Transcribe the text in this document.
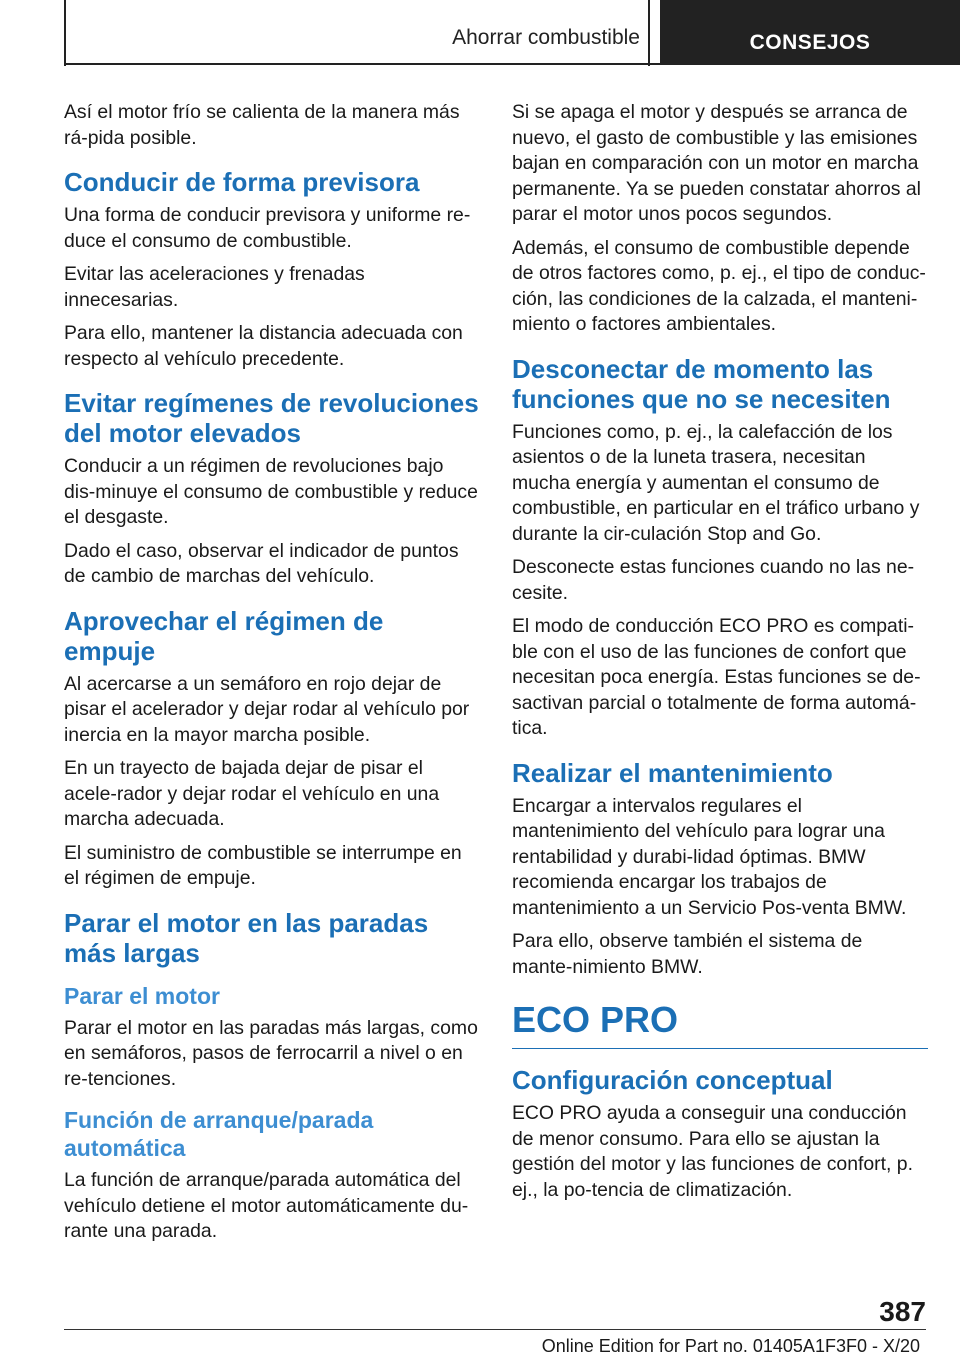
Ahorrar combustible	CONSEJOS

Así el motor frío se calienta de la manera más rá-pida posible.

Conducir de forma previsora

Una forma de conducir previsora y uniforme re-duce el consumo de combustible.

Evitar las aceleraciones y frenadas innecesarias.

Para ello, mantener la distancia adecuada con respecto al vehículo precedente.

Evitar regímenes de revoluciones del motor elevados

Conducir a un régimen de revoluciones bajo dis-minuye el consumo de combustible y reduce el desgaste.

Dado el caso, observar el indicador de puntos de cambio de marchas del vehículo.

Aprovechar el régimen de empuje

Al acercarse a un semáforo en rojo dejar de pisar el acelerador y dejar rodar al vehículo por inercia en la mayor marcha posible.

En un trayecto de bajada dejar de pisar el acele-rador y dejar rodar el vehículo en una marcha adecuada.

El suministro de combustible se interrumpe en el régimen de empuje.

Parar el motor en las paradas más largas
Parar el motor

Parar el motor en las paradas más largas, como en semáforos, pasos de ferrocarril a nivel o en re-tenciones.

Función de arranque/parada automática

La función de arranque/parada automática del vehículo detiene el motor automáticamente du-rante una parada.

Si se apaga el motor y después se arranca de nuevo, el gasto de combustible y las emisiones bajan en comparación con un motor en marcha permanente. Ya se pueden constatar ahorros al parar el motor unos pocos segundos.

Además, el consumo de combustible depende de otros factores como, p. ej., el tipo de conduc-ción, las condiciones de la calzada, el manteni-miento o factores ambientales.

Desconectar de momento las funciones que no se necesiten

Funciones como, p. ej., la calefacción de los asientos o de la luneta trasera, necesitan mucha energía y aumentan el consumo de combustible, en particular en el tráfico urbano y durante la cir-culación Stop and Go.

Desconecte estas funciones cuando no las ne-cesite.

El modo de conducción ECO PRO es compati-ble con el uso de las funciones de confort que necesitan poca energía. Estas funciones se de-sactivan parcial o totalmente de forma automá-tica.

Realizar el mantenimiento

Encargar a intervalos regulares el mantenimiento del vehículo para lograr una rentabilidad y durabi-lidad óptimas. BMW recomienda encargar los trabajos de mantenimiento a un Servicio Pos-venta BMW.

Para ello, observe también el sistema de mante-nimiento BMW.

ECO PRO
Configuración conceptual

ECO PRO ayuda a conseguir una conducción de menor consumo. Para ello se ajustan la gestión del motor y las funciones de confort, p. ej., la po-tencia de climatización.

387
Online Edition for Part no. 01405A1F3F0 - X/20
